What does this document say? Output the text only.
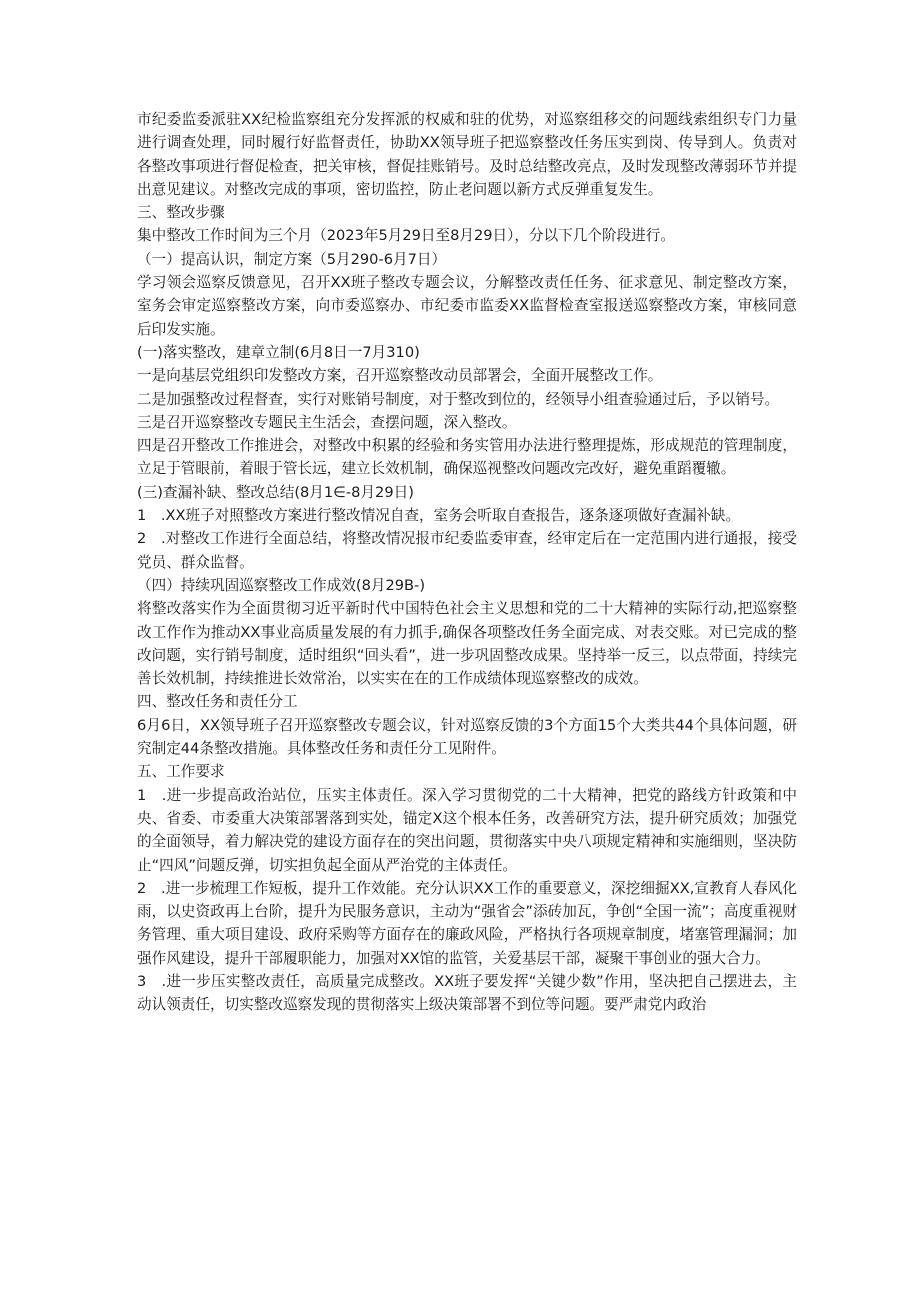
市纪委监委派驻XX纪检监察组充分发挥派的权威和驻的优势，对巡察组移交的问题线索组织专门力量进行调查处理，同时履行好监督责任，协助XX领导班子把巡察整改任务压实到岗、传导到人。负责对各整改事项进行督促检查，把关审核，督促挂账销号。及时总结整改亮点，及时发现整改薄弱环节并提出意见建议。对整改完成的事项，密切监控，防止老问题以新方式反弹重复发生。

三、整改步骤

集中整改工作时间为三个月（2023年5月29日至8月29日），分以下几个阶段进行。

（一）提高认识，制定方案（5月290-6月7日）

学习领会巡察反馈意见，召开XX班子整改专题会议，分解整改责任任务、征求意见、制定整改方案，室务会审定巡察整改方案，向市委巡察办、市纪委市监委XX监督检查室报送巡察整改方案，审核同意后印发实施。

(一)落实整改，建章立制(6月8日一7月310)

一是向基层党组织印发整改方案，召开巡察整改动员部署会，全面开展整改工作。

二是加强整改过程督查，实行对账销号制度，对于整改到位的，经领导小组查验通过后，予以销号。

三是召开巡察整改专题民主生活会，查摆问题，深入整改。

四是召开整改工作推进会，对整改中积累的经验和务实管用办法进行整理提炼，形成规范的管理制度，立足于管眼前，着眼于管长远，建立长效机制，确保巡视整改问题改完改好，避免重蹈覆辙。

(三)查漏补缺、整改总结(8月1∈-8月29日)

1　.XX班子对照整改方案进行整改情况自查，室务会听取自查报告，逐条逐项做好查漏补缺。

2　.对整改工作进行全面总结，将整改情况报市纪委监委审查，经审定后在一定范围内进行通报，接受党员、群众监督。

（四）持续巩固巡察整改工作成效(8月29B-)

将整改落实作为全面贯彻习近平新时代中国特色社会主义思想和党的二十大精神的实际行动,把巡察整改工作作为推动XX事业高质量发展的有力抓手,确保各项整改任务全面完成、对表交账。对已完成的整改问题，实行销号制度，适时组织“回头看”，进一步巩固整改成果。坚持举一反三，以点带面，持续完善长效机制，持续推进长效常治，以实实在在的工作成绩体现巡察整改的成效。

四、整改任务和责任分工

6月6日，XX领导班子召开巡察整改专题会议，针对巡察反馈的3个方面15个大类共44个具体问题，研究制定44条整改措施。具体整改任务和责任分工见附件。

五、工作要求

1　.进一步提高政治站位，压实主体责任。深入学习贯彻党的二十大精神，把党的路线方针政策和中央、省委、市委重大决策部署落到实处，锚定X这个根本任务，改善研究方法，提升研究质效；加强党的全面领导，着力解决党的建设方面存在的突出问题，贯彻落实中央八项规定精神和实施细则，坚决防止“四风”问题反弹，切实担负起全面从严治党的主体责任。

2　.进一步梳理工作短板，提升工作效能。充分认识XX工作的重要意义，深挖细掘XX,宣教育人春风化雨，以史资政再上台阶，提升为民服务意识，主动为“强省会”添砖加瓦，争创“全国一流”；高度重视财务管理、重大项目建设、政府采购等方面存在的廉政风险，严格执行各项规章制度，堵塞管理漏洞；加强作风建设，提升干部履职能力，加强对XX馆的监管，关爱基层干部，凝聚干事创业的强大合力。

3　.进一步压实整改责任，高质量完成整改。XX班子要发挥“关键少数”作用，坚决把自己摆进去，主动认领责任，切实整改巡察发现的贯彻落实上级决策部署不到位等问题。要严肃党内政治
